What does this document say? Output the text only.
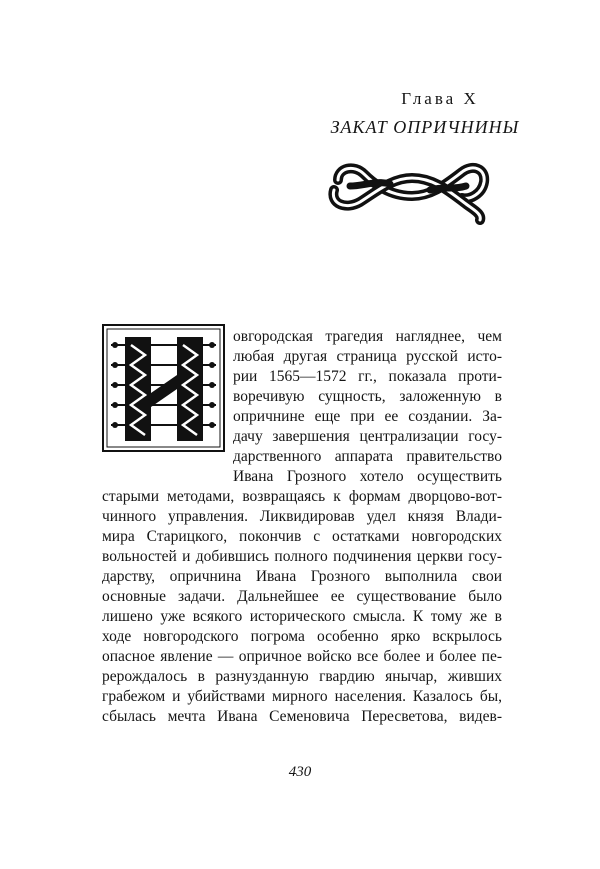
Глава X
ЗАКАТ ОПРИЧНИНЫ
овгородская трагедия нагляднее, чем
любая другая страница русской исто-
рии 1565—1572 гг., показала проти-
воречивую сущность, заложенную в
опричнине еще при ее создании. За-
дачу завершения централизации госу-
дарственного аппарата правительство
Ивана Грозного хотело осуществить
старыми методами, возвращаясь к формам дворцово-вот-
чинного управления. Ликвидировав удел князя Влади-
мира Старицкого, покончив с остатками новгородских
вольностей и добившись полного подчинения церкви госу-
дарству, опричнина Ивана Грозного выполнила свои
основные задачи. Дальнейшее ее существование было
лишено уже всякого исторического смысла. К тому же в
ходе новгородского погрома особенно ярко вскрылось
опасное явление — опричное войско все более и более пе-
рерождалось в разнузданную гвардию янычар, живших
грабежом и убийствами мирного населения. Казалось бы,
сбылась мечта Ивана Семеновича Пересветова, видев-
430
